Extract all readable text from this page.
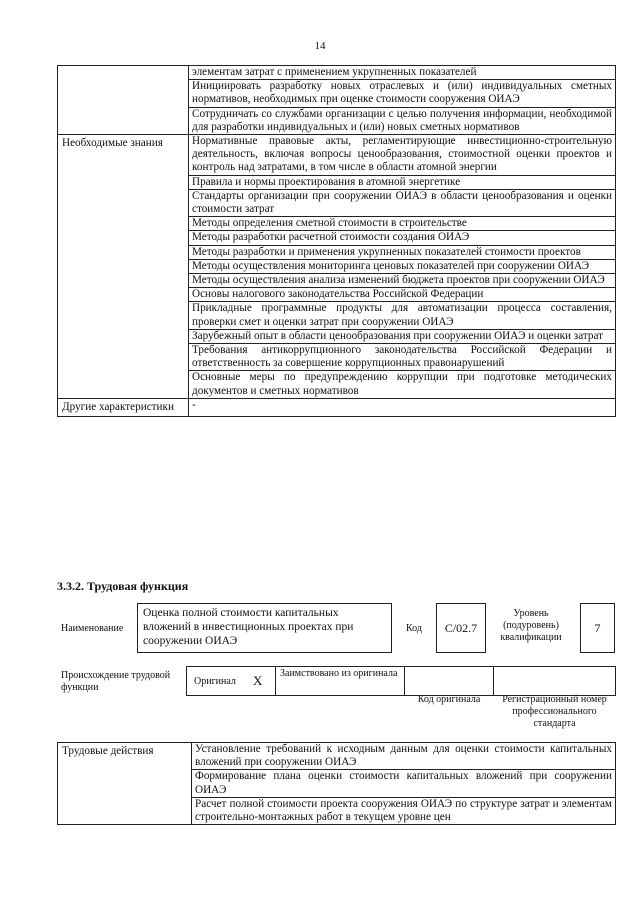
14
	элементам затрат с применением укрупненных показателей
	Инициировать разработку новых отраслевых и (или) индивидуальных сметных нормативов, необходимых при оценке стоимости сооружения ОИАЭ
	Сотрудничать со службами организации с целью получения информации, необходимой для разработки индивидуальных и (или) новых сметных нормативов
Необходимые знания	Нормативные правовые акты, регламентирующие инвестиционно-строительную деятельность, включая вопросы ценообразования, стоимостной оценки проектов и контроль над затратами, в том числе в области атомной энергии
	Правила и нормы проектирования в атомной энергетике
	Стандарты организации при сооружении ОИАЭ в области ценообразования и оценки стоимости затрат
	Методы определения сметной стоимости в строительстве
	Методы разработки расчетной стоимости создания ОИАЭ
	Методы разработки и применения укрупненных показателей стоимости проектов
	Методы осуществления мониторинга ценовых показателей при сооружении ОИАЭ
	Методы осуществления анализа изменений бюджета проектов при сооружении ОИАЭ
	Основы налогового законодательства Российской Федерации
	Прикладные программные продукты для автоматизации процесса составления, проверки смет и оценки затрат при сооружении ОИАЭ
	Зарубежный опыт в области ценообразования при сооружении ОИАЭ и оценки затрат
	Требования антикоррупционного законодательства Российской Федерации и ответственность за совершение коррупционных правонарушений
	Основные меры по предупреждению коррупции при подготовке методических документов и сметных нормативов
Другие характеристики	-
3.3.2. Трудовая функция
Наименование
Оценка полной стоимости капитальных вложений в инвестиционных проектах при сооружении ОИАЭ
Код	C/02.7
Уровень (подуровень) квалификации
7
Происхождение трудовой функции
Оригинал X	Заимствовано из оригинала
Код оригинала	Регистрационный номер профессионального стандарта
Трудовые действия	Установление требований к исходным данным для оценки стоимости капитальных вложений при сооружении ОИАЭ
Формирование плана оценки стоимости капитальных вложений при сооружении ОИАЭ
Расчет полной стоимости проекта сооружения ОИАЭ по структуре затрат и элементам строительно-монтажных работ в текущем уровне цен
